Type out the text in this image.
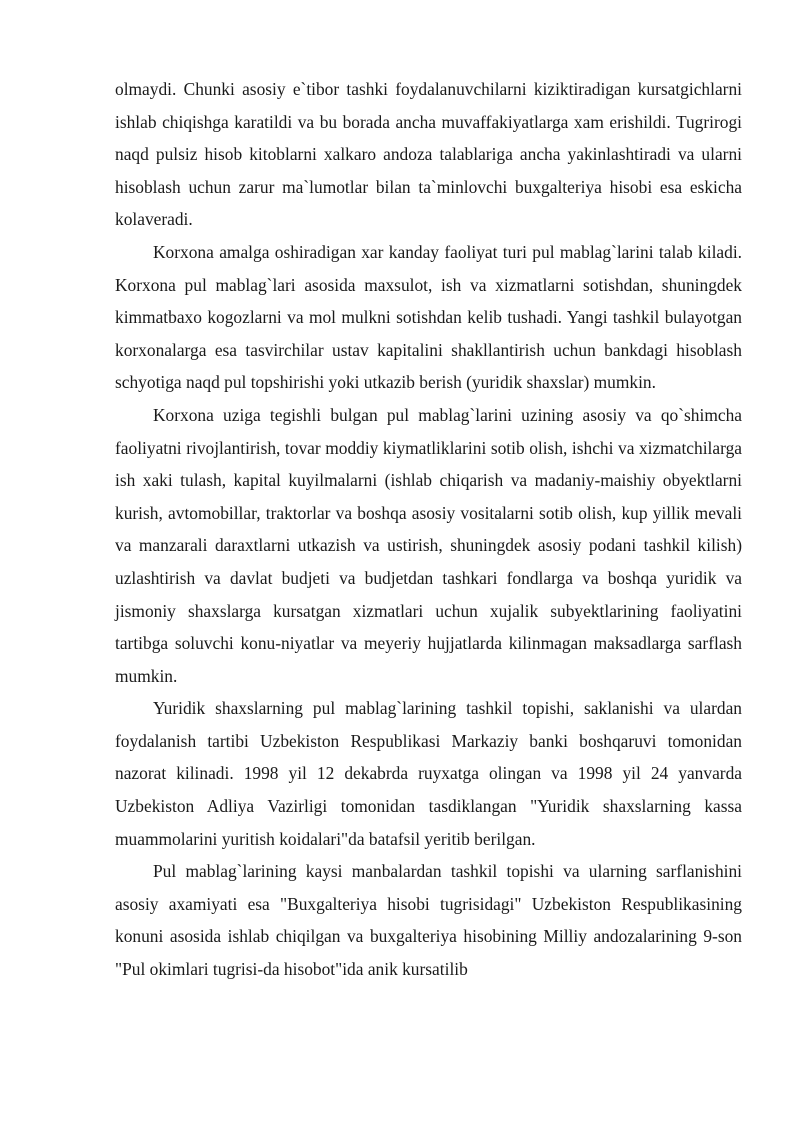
olmaydi. Chunki asosiy e`tibor tashki foydalanuvchilarni kiziktiradigan kursatgichlarni ishlab chiqishga karatildi va bu borada ancha muvaffakiyatlarga xam erishildi. Tugrirogi naqd pulsiz hisob kitoblarni xalkaro andoza talablariga ancha yakinlashtiradi va ularni hisoblash uchun zarur ma`lumotlar bilan ta`minlovchi buxgalteriya hisobi esa eskicha kolaveradi.

Korxona amalga oshiradigan xar kanday faoliyat turi pul mablag`larini talab kiladi. Korxona pul mablag`lari asosida maxsulot, ish va xizmatlarni sotishdan, shuningdek kimmatbaxo kogozlarni va mol mulkni sotishdan kelib tushadi. Yangi tashkil bulayotgan korxonalarga esa tasvirchilar ustav kapitalini shakllantirish uchun bankdagi hisoblash schyotiga naqd pul topshirishi yoki utkazib berish (yuridik shaxslar) mumkin.

Korxona uziga tegishli bulgan pul mablag`larini uzining asosiy va qo`shimcha faoliyatni rivojlantirish, tovar moddiy kiymatliklarini sotib olish, ishchi va xizmatchilarga ish xaki tulash, kapital kuyilmalarni (ishlab chiqarish va madaniy-maishiy obyektlarni kurish, avtomobillar, traktorlar va boshqa asosiy vositalarni sotib olish, kup yillik mevali va manzarali daraxtlarni utkazish va ustirish, shuningdek asosiy podani tashkil kilish) uzlashtirish va davlat budjeti va budjetdan tashkari fondlarga va boshqa yuridik va jismoniy shaxslarga kursatgan xizmatlari uchun xujalik subyektlarining faoliyatini tartibga soluvchi konu-niyatlar va meyeriy hujjatlarda kilinmagan maksadlarga sarflash mumkin.

Yuridik shaxslarning pul mablag`larining tashkil topishi, saklanishi va ulardan foydalanish tartibi Uzbekiston Respublikasi Markaziy banki boshqaruvi tomonidan nazorat kilinadi. 1998 yil 12 dekabrda ruyxatga olingan va 1998 yil 24 yanvarda Uzbekiston Adliya Vazirligi tomonidan tasdiklangan "Yuridik shaxslarning kassa muammolarini yuritish koidalari"da batafsil yeritib berilgan.

Pul mablag`larining kaysi manbalardan tashkil topishi va ularning sarflanishini asosiy axamiyati esa "Buxgalteriya hisobi tugrisidagi" Uzbekiston Respublikasining konuni asosida ishlab chiqilgan va buxgalteriya hisobining Milliy andozalarining 9-son "Pul okimlari tugrisi-da hisobot"ida anik kursatilib
